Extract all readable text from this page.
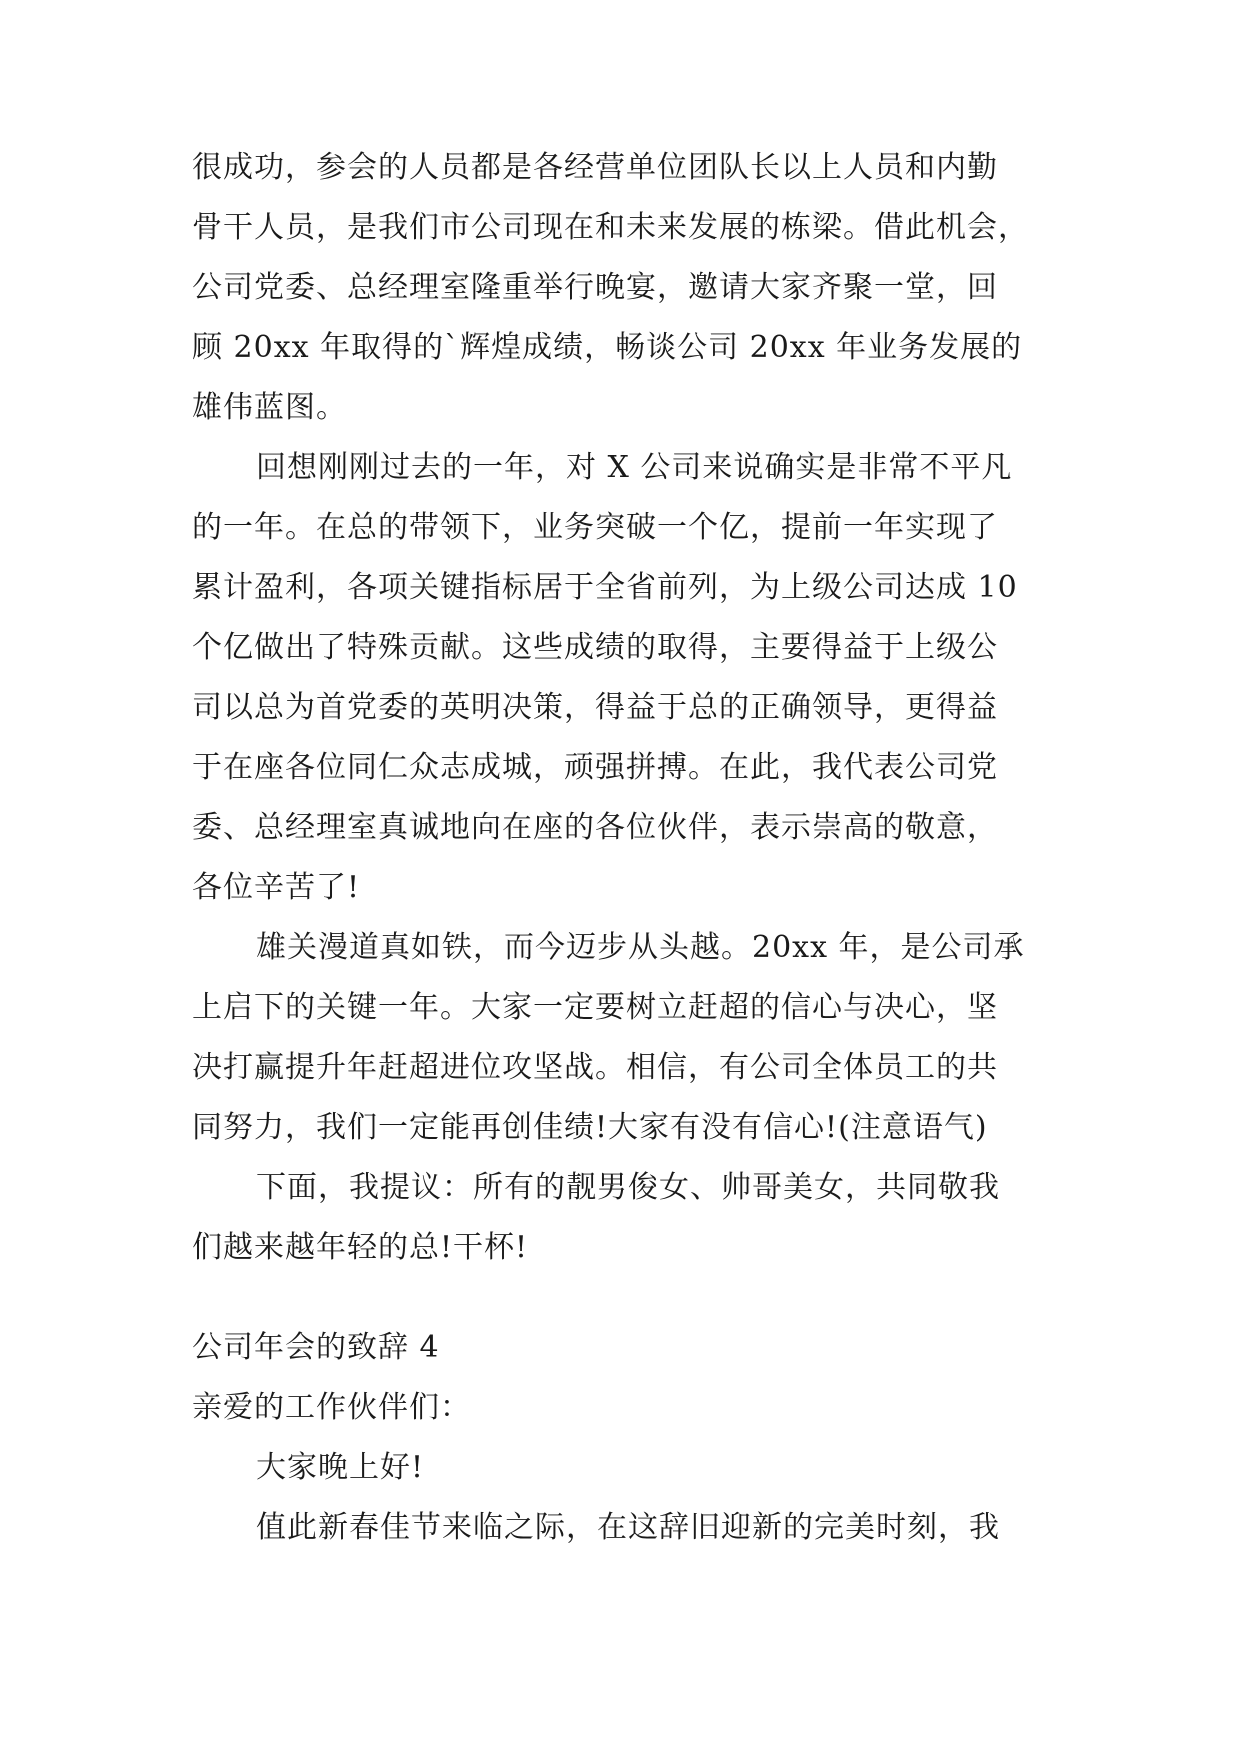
很成功，参会的人员都是各经营单位团队长以上人员和内勤
骨干人员，是我们市公司现在和未来发展的栋梁。借此机会，
公司党委、总经理室隆重举行晚宴，邀请大家齐聚一堂，回
顾 20xx 年取得的`辉煌成绩，畅谈公司 20xx 年业务发展的
雄伟蓝图。
回想刚刚过去的一年，对 X 公司来说确实是非常不平凡
的一年。在总的带领下，业务突破一个亿，提前一年实现了
累计盈利，各项关键指标居于全省前列，为上级公司达成 10
个亿做出了特殊贡献。这些成绩的取得，主要得益于上级公
司以总为首党委的英明决策，得益于总的正确领导，更得益
于在座各位同仁众志成城，顽强拼搏。在此，我代表公司党
委、总经理室真诚地向在座的各位伙伴，表示崇高的敬意，
各位辛苦了!
雄关漫道真如铁，而今迈步从头越。20xx 年，是公司承
上启下的关键一年。大家一定要树立赶超的信心与决心，坚
决打赢提升年赶超进位攻坚战。相信，有公司全体员工的共
同努力，我们一定能再创佳绩!大家有没有信心!(注意语气)
下面，我提议：所有的靓男俊女、帅哥美女，共同敬我
们越来越年轻的总!干杯!
公司年会的致辞 4
亲爱的工作伙伴们：
大家晚上好!
值此新春佳节来临之际，在这辞旧迎新的完美时刻，我
